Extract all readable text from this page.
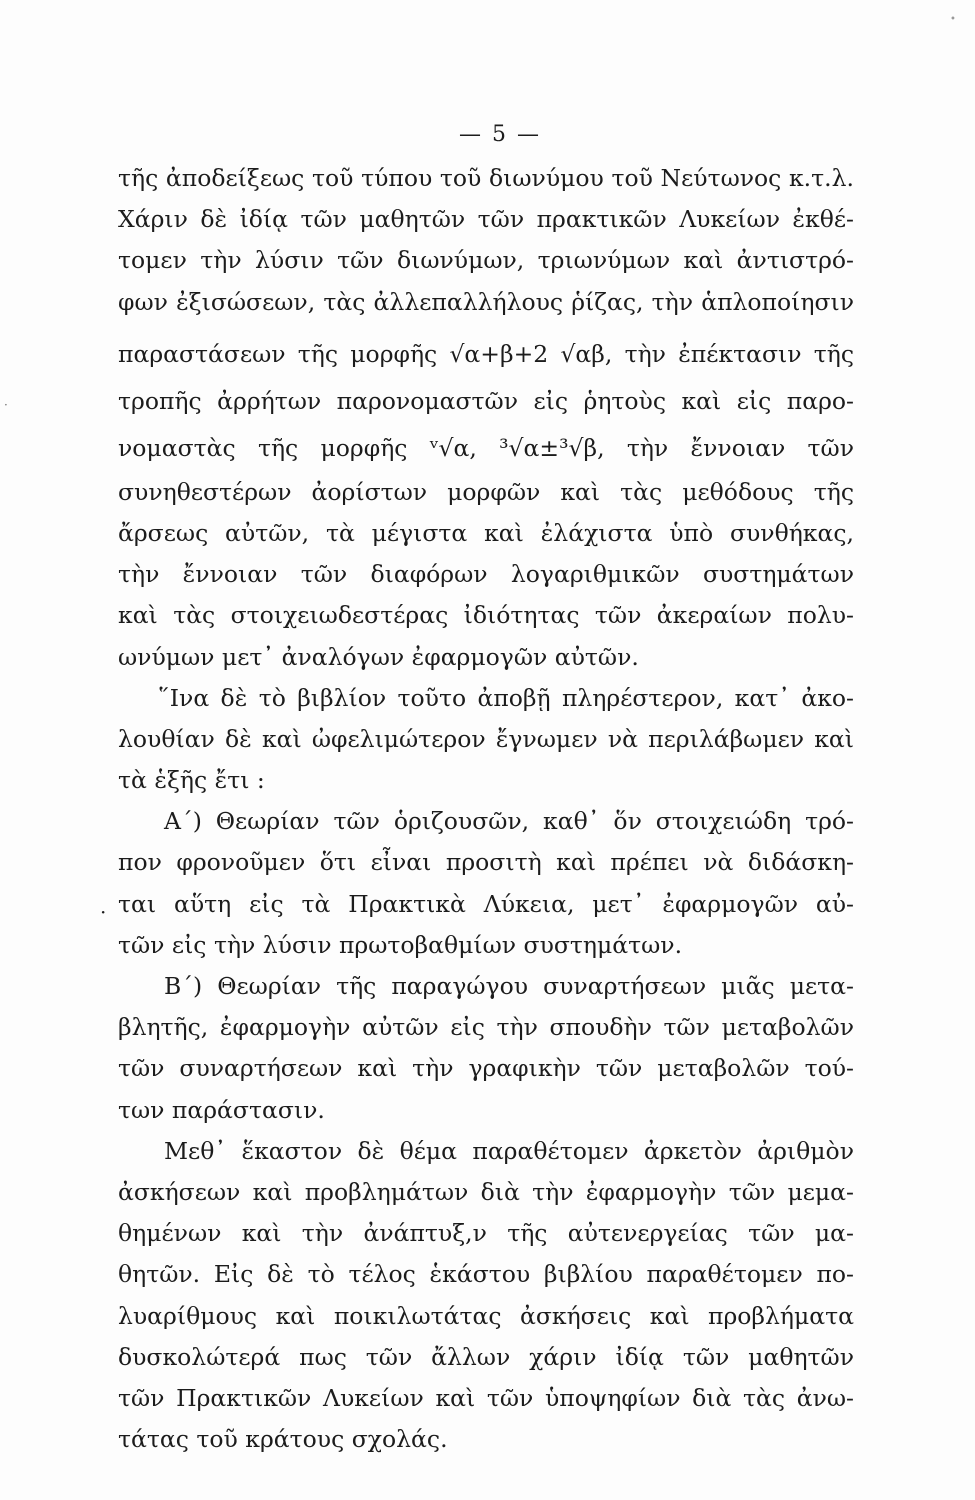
— 5 —
τῆς ἀποδείξεως τοῦ τύπου τοῦ διωνύμου τοῦ Νεύτωνος κ.τ.λ.
Χάριν δὲ ἰδίᾳ τῶν μαθητῶν τῶν πρακτικῶν Λυκείων ἐκθέ-
τομεν τὴν λύσιν τῶν διωνύμων, τριωνύμων καὶ ἀντιστρό-
φων ἐξισώσεων, τὰς ἀλλεπαλλήλους ῥίζας, τὴν ἁπλοποίησιν
παραστάσεων τῆς μορφῆς √α+β+2 √αβ, τὴν ἐπέκτασιν τῆς
τροπῆς ἀρρήτων παρονομαστῶν εἰς ῥητοὺς καὶ εἰς παρο-
νομαστὰς τῆς μορφῆς ᵛ√α, ³√α±³√β, τὴν ἔννοιαν τῶν
συνηθεστέρων ἀορίστων μορφῶν καὶ τὰς μεθόδους τῆς
ἄρσεως αὐτῶν, τὰ μέγιστα καὶ ἐλάχιστα ὑπὸ συνθήκας,
τὴν ἔννοιαν τῶν διαφόρων λογαριθμικῶν συστημάτων
καὶ τὰς στοιχειωδεστέρας ἰδιότητας τῶν ἀκεραίων πολυ-
ωνύμων μετ᾿ ἀναλόγων ἐφαρμογῶν αὐτῶν.
῞Ινα δὲ τὸ βιβλίον τοῦτο ἀποβῇ πληρέστερον, κατ᾿ ἀκο-
λουθίαν δὲ καὶ ὠφελιμώτερον ἔγνωμεν νὰ περιλάβωμεν καὶ
τὰ ἑξῆς ἔτι :
Α´) Θεωρίαν τῶν ὁριζουσῶν, καθ᾿ ὅν στοιχειώδη τρό-
πον φρονοῦμεν ὅτι εἶναι προσιτὴ καὶ πρέπει νὰ διδάσκη-
ται αὕτη εἰς τὰ Πρακτικὰ Λύκεια, μετ᾿ ἐφαρμογῶν αὐ-
τῶν εἰς τὴν λύσιν πρωτοβαθμίων συστημάτων.
Β´) Θεωρίαν τῆς παραγώγου συναρτήσεων μιᾶς μετα-
βλητῆς, ἐφαρμογὴν αὐτῶν εἰς τὴν σπουδὴν τῶν μεταβολῶν
τῶν συναρτήσεων καὶ τὴν γραφικὴν τῶν μεταβολῶν τού-
των παράστασιν.
Μεθ᾿ ἕκαστον δὲ θέμα παραθέτομεν ἀρκετὸν ἀριθμὸν
ἀσκήσεων καὶ προβλημάτων διὰ τὴν ἐφαρμογὴν τῶν μεμα-
θημένων καὶ τὴν ἀνάπτυξ,ν τῆς αὐτενεργείας τῶν μα-
θητῶν. Εἰς δὲ τὸ τέλος ἑκάστου βιβλίου παραθέτομεν πο-
λυαρίθμους καὶ ποικιλωτάτας ἀσκήσεις καὶ προβλήματα
δυσκολώτερά πως τῶν ἄλλων χάριν ἰδίᾳ τῶν μαθητῶν
τῶν Πρακτικῶν Λυκείων καὶ τῶν ὑποψηφίων διὰ τὰς ἀνω-
τάτας τοῦ κράτους σχολάς.
·
•
·
